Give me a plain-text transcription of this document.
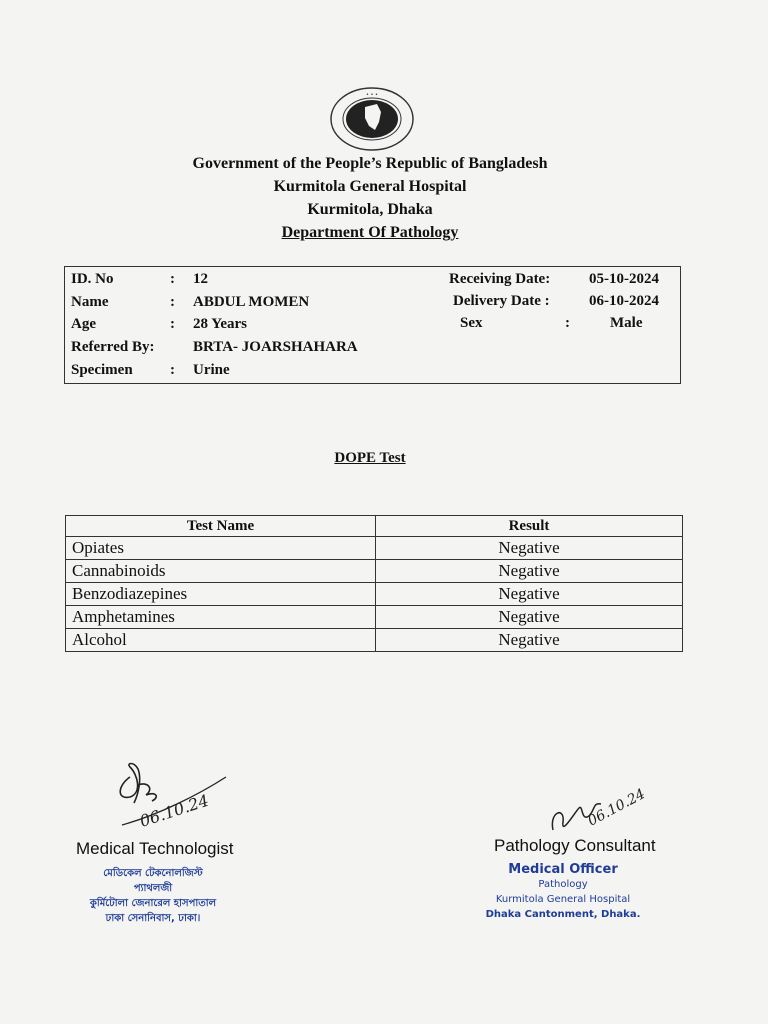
• • •
Government of the People’s Republic of Bangladesh
Kurmitola General Hospital
Kurmitola, Dhaka
Department Of Pathology
ID. No	: 12
Name	: ABDUL MOMEN
Age	: 28 Years
Referred By:	BRTA- JOARSHAHARA
Specimen : Urine
Receiving Date:	05-10-2024
Delivery Date :	06-10-2024
Sex	:	Male
DOPE Test
Test Name	Result
Opiates	Negative
Cannabinoids	Negative
Benzodiazepines	Negative
Amphetamines	Negative
Alcohol	Negative
06.10.24	06.10.24
Medical Technologist	Pathology Consultant
মেডিকেল টেকনোলজিস্ট
প্যাথলজী
কুর্মিটোলা জেনারেল হাসপাতাল
ঢাকা সেনানিবাস, ঢাকা।
Medical Officer
Pathology
Kurmitola General Hospital
Dhaka Cantonment, Dhaka.
